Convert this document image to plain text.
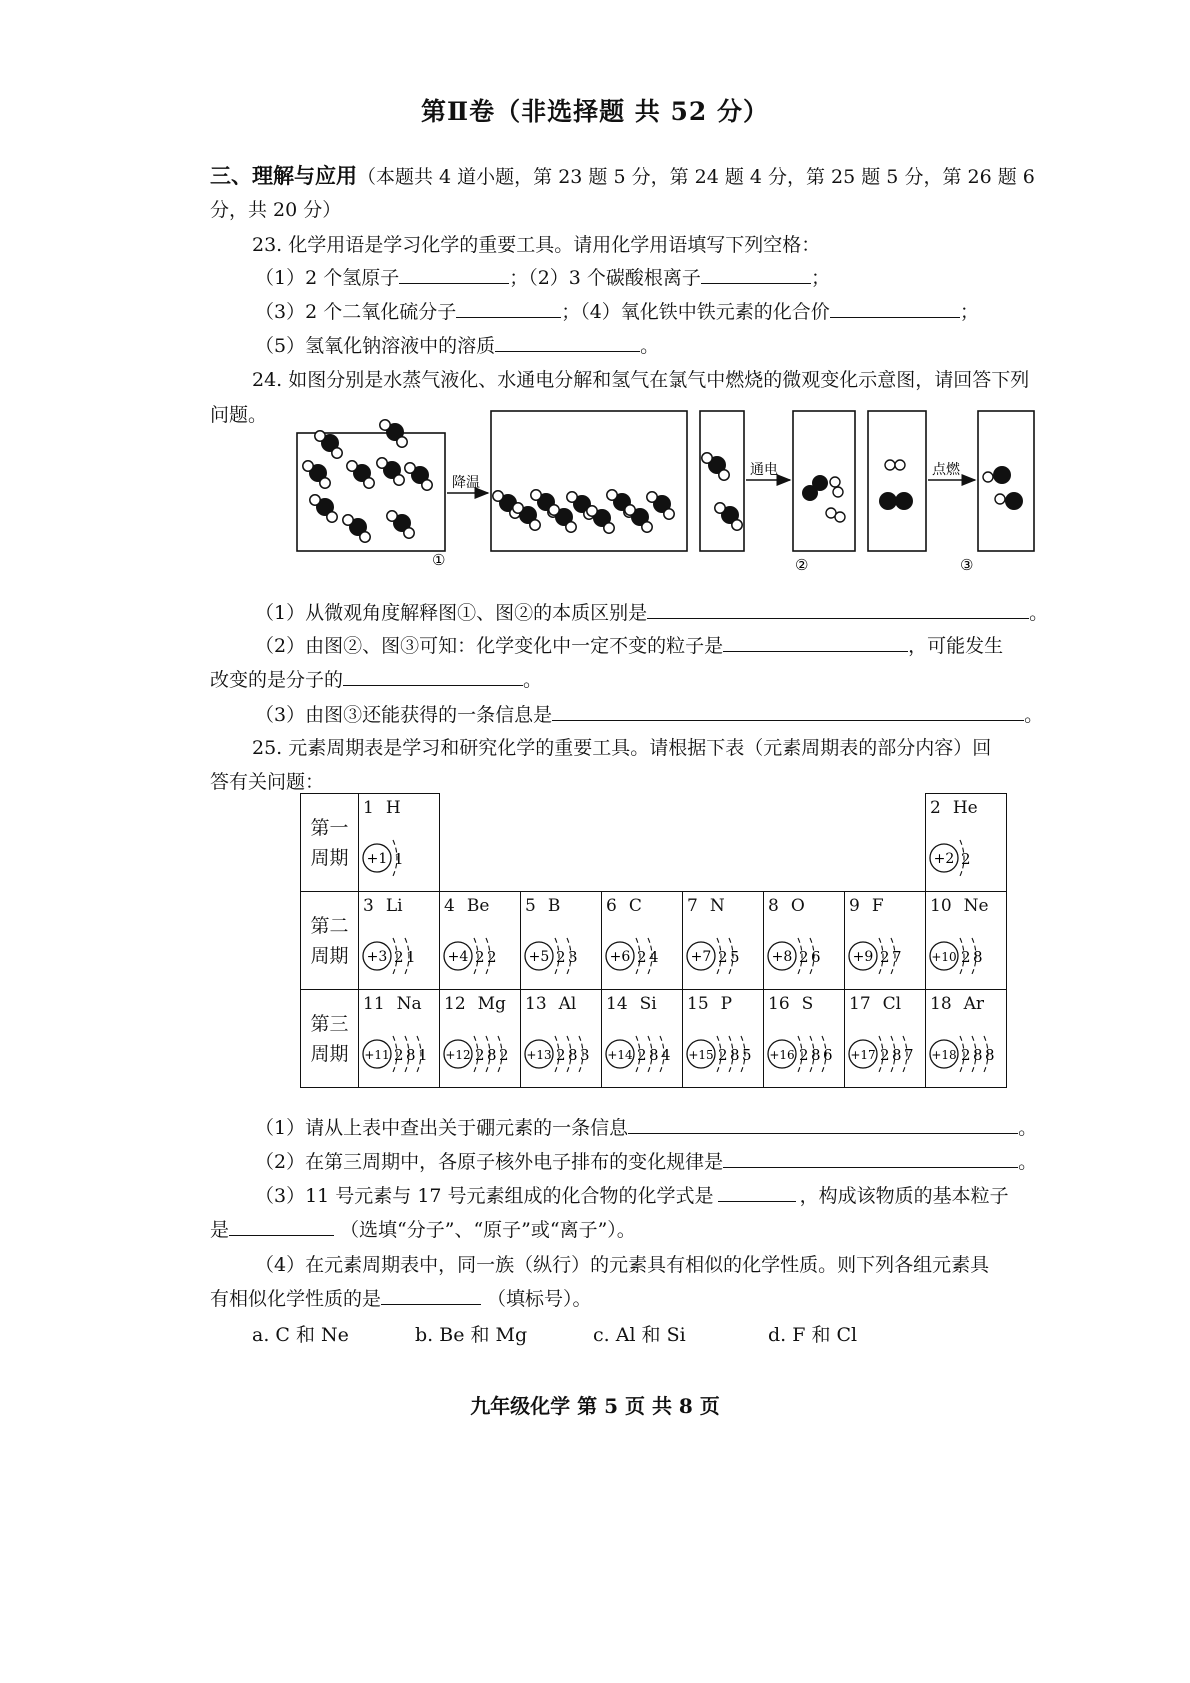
第Ⅱ卷（非选择题 共 52 分）
三、理解与应用（本题共 4 道小题，第 23 题 5 分，第 24 题 4 分，第 25 题 5 分，第 26 题 6
分，共 20 分）
23. 化学用语是学习化学的重要工具。请用化学用语填写下列空格：
（1）2 个氢原子	；（2）3 个碳酸根离子	；
（3）2 个二氧化硫分子	；（4）氧化铁中铁元素的化合价	；
（5）氢氧化钠溶液中的溶质	。
24. 如图分别是水蒸气液化、水通电分解和氢气在氯气中燃烧的微观变化示意图，请回答下列
问题。
降温
①
通电
②
点燃
③
（1）从微观角度解释图①、图②的本质区别是	。
（2）由图②、图③可知：化学变化中一定不变的粒子是	，可能发生
改变的是分子的	。
（3）由图③还能获得的一条信息是	。
25. 元素周期表是学习和研究化学的重要工具。请根据下表（元素周期表的部分内容）回
答有关问题：
第一
周期	1 H
+1 1							2 He
+2 2

第二
周期	3 Li
+3 2 1	4 Be
+4 2 2	5 B
+5 2 3	6 C
+6 2 4	7 N
+7 2 5	8 O
+8 2 6	9 F
+9 2 7	10 Ne
+10 2 8

第三
周期	11 Na
+11 2 8 1	12 Mg
+12 2 8 2	13 Al
+13 2 8 3	14 Si
+14 2 8 4	15 P
+15 2 8 5	16 S
+16 2 8 6	17 Cl
+17 2 8 7	18 Ar
+18 2 8 8
（1）请从上表中查出关于硼元素的一条信息	。
（2）在第三周期中，各原子核外电子排布的变化规律是	。
（3）11 号元素与 17 号元素组成的化合物的化学式是	，构成该物质的基本粒子
是	（选填“分子”、“原子”或“离子”）。
（4）在元素周期表中，同一族（纵行）的元素具有相似的化学性质。则下列各组元素具
有相似化学性质的是	（填标号）。
a. C 和 Ne	b. Be 和 Mg	c. Al 和 Si	d. F 和 Cl
九年级化学 第 5 页 共 8 页
